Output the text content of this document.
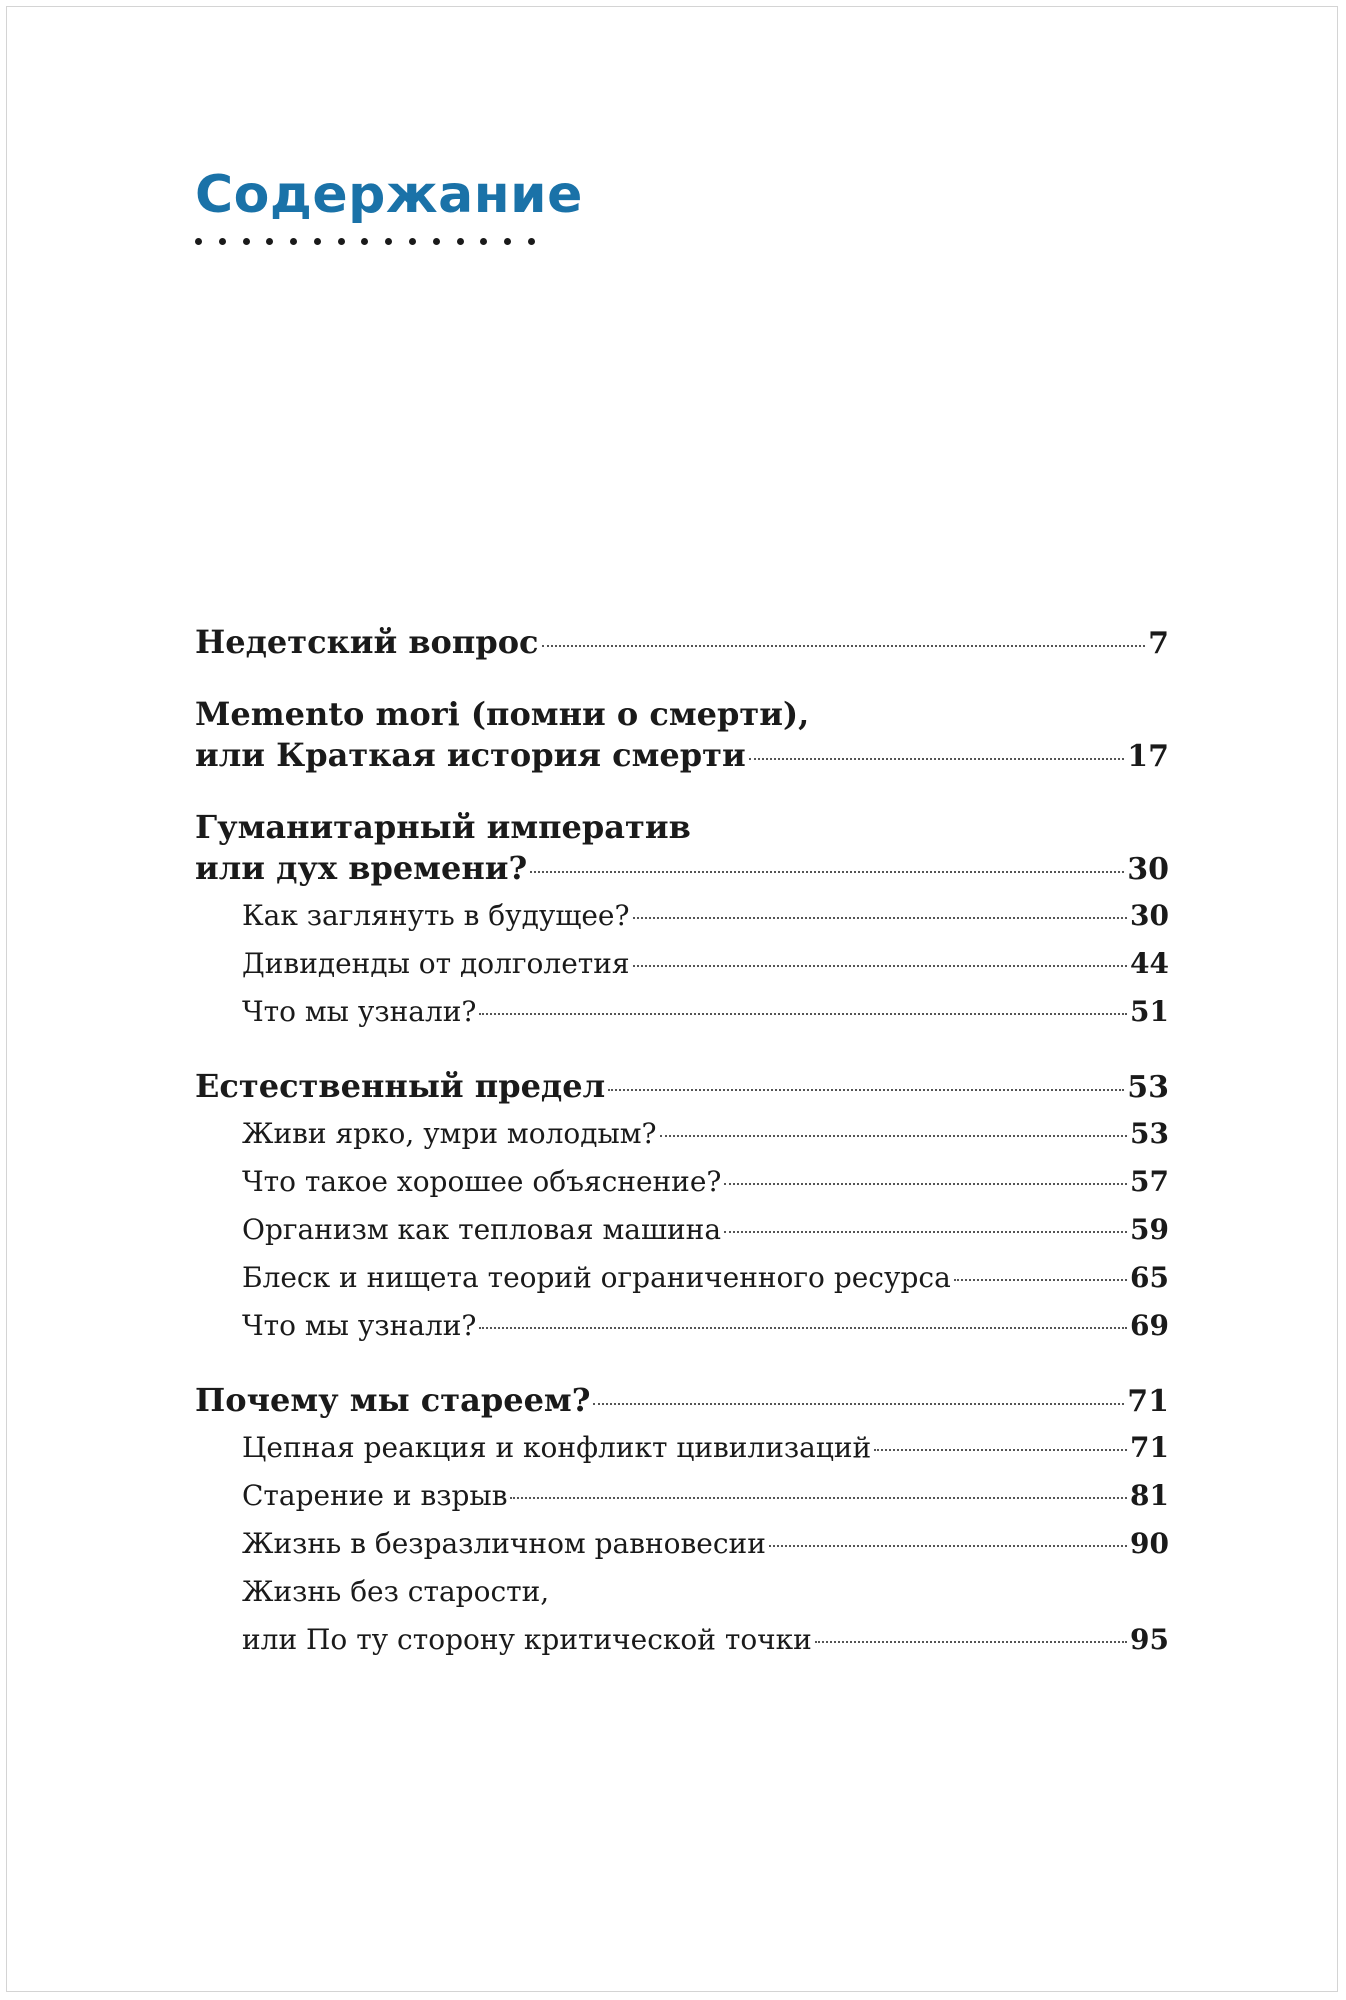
Содержание
Недетский вопрос	7
Memento mori (помни о смерти),
или Краткая история смерти	17
Гуманитарный императив
или дух времени?	30
Как заглянуть в будущее?	30
Дивиденды от долголетия	44
Что мы узнали?	51
Естественный предел	53
Живи ярко, умри молодым?	53
Что такое хорошее объяснение?	57
Организм как тепловая машина	59
Блеск и нищета теорий ограниченного ресурса	65
Что мы узнали?	69
Почему мы стареем?	71
Цепная реакция и конфликт цивилизаций	71
Старение и взрыв	81
Жизнь в безразличном равновесии	90
Жизнь без старости,
или По ту сторону критической точки	95
